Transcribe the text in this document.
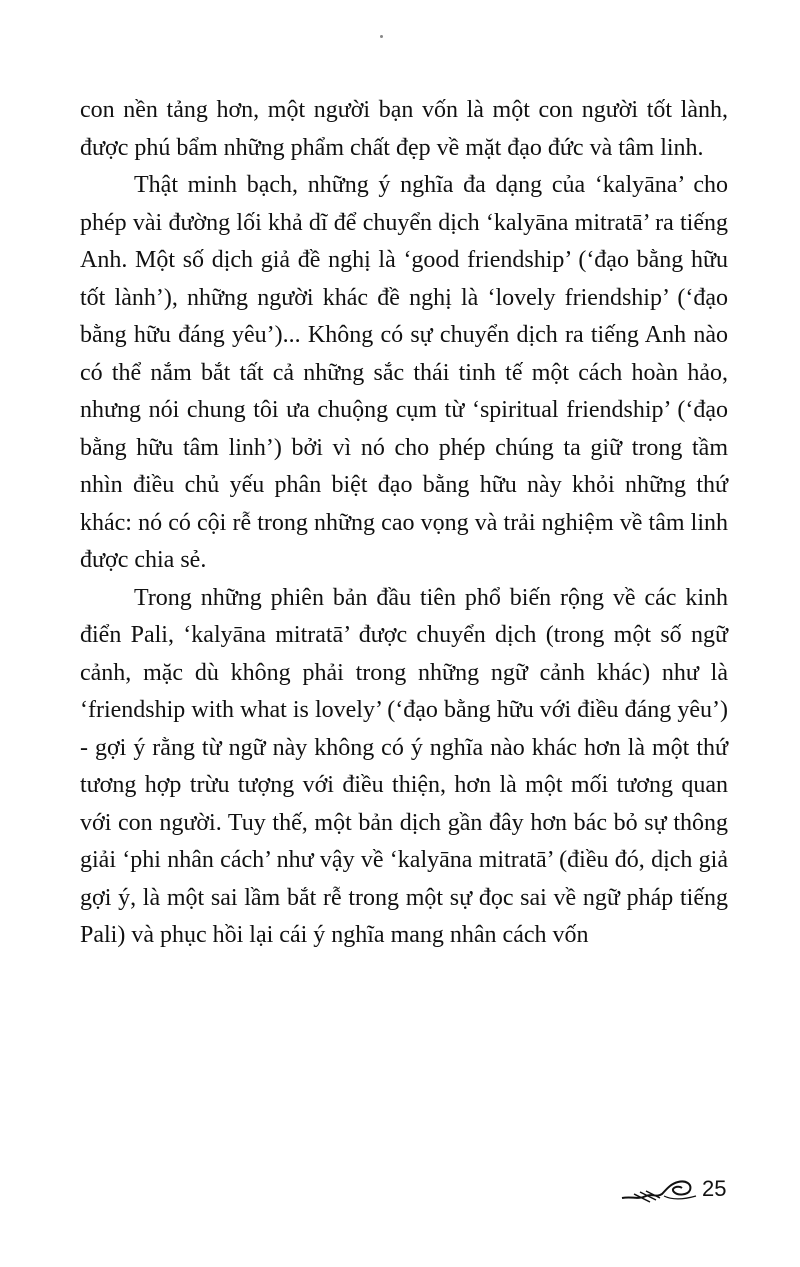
con nền tảng hơn, một người bạn vốn là một con người tốt lành, được phú bẩm những phẩm chất đẹp về mặt đạo đức và tâm linh.

Thật minh bạch, những ý nghĩa đa dạng của ‘kalyāna’ cho phép vài đường lối khả dĩ để chuyển dịch ‘kalyāna mitratā’ ra tiếng Anh. Một số dịch giả đề nghị là ‘good friendship’ (‘đạo bằng hữu tốt lành’), những người khác đề nghị là ‘lovely friendship’ (‘đạo bằng hữu đáng yêu’)... Không có sự chuyển dịch ra tiếng Anh nào có thể nắm bắt tất cả những sắc thái tinh tế một cách hoàn hảo, nhưng nói chung tôi ưa chuộng cụm từ ‘spiritual friendship’ (‘đạo bằng hữu tâm linh’) bởi vì nó cho phép chúng ta giữ trong tầm nhìn điều chủ yếu phân biệt đạo bằng hữu này khỏi những thứ khác: nó có cội rễ trong những cao vọng và trải nghiệm về tâm linh được chia sẻ.

Trong những phiên bản đầu tiên phổ biến rộng về các kinh điển Pali, ‘kalyāna mitratā’ được chuyển dịch (trong một số ngữ cảnh, mặc dù không phải trong những ngữ cảnh khác) như là ‘friendship with what is lovely’ (‘đạo bằng hữu với điều đáng yêu’) - gợi ý rằng từ ngữ này không có ý nghĩa nào khác hơn là một thứ tương hợp trừu tượng với điều thiện, hơn là một mối tương quan với con người. Tuy thế, một bản dịch gần đây hơn bác bỏ sự thông giải ‘phi nhân cách’ như vậy về ‘kalyāna mitratā’ (điều đó, dịch giả gợi ý, là một sai lầm bắt rễ trong một sự đọc sai về ngữ pháp tiếng Pali) và phục hồi lại cái ý nghĩa mang nhân cách vốn

25
